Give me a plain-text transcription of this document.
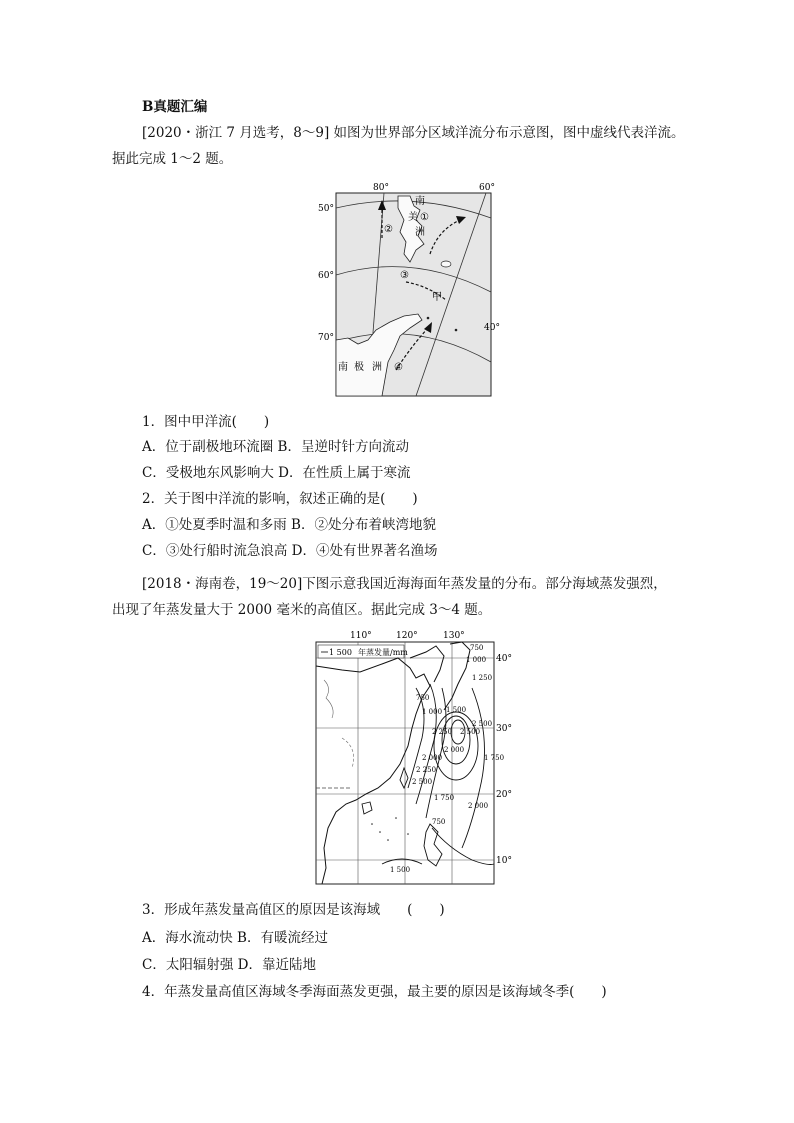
B真题汇编
[2020・浙江 7 月选考，8～9] 如图为世界部分区域洋流分布示意图，图中虚线代表洋流。
据此完成 1～2 题。
80°	60°
50°
60°
70°
40°
南
美
洲
南 极 洲
①
②
③
④
甲
1．图中甲洋流(　　)
A．位于副极地环流圈 B．呈逆时针方向流动
C．受极地东风影响大 D．在性质上属于寒流
2．关于图中洋流的影响，叙述正确的是(　　)
A．①处夏季时温和多雨 B．②处分布着峡湾地貌
C．③处行船时流急浪高 D．④处有世界著名渔场
[2018・海南卷，19～20]下图示意我国近海海面年蒸发量的分布。部分海域蒸发强烈，
出现了年蒸发量大于 2000 毫米的高值区。据此完成 3～4 题。
1 500 年蒸发量/mm
110°	120°	130°
40°
30°
20°
10°
750
1 000
1 250
750
1 000 1 500
2 500
2 500
2 250
2 000
1 750
2 000
2 250
2 500
2 000
1 750
750
1 500
3．形成年蒸发量高值区的原因是该海域　　(　　)
A．海水流动快 B．有暖流经过
C．太阳辐射强 D．靠近陆地
4．年蒸发量高值区海域冬季海面蒸发更强，最主要的原因是该海域冬季(　　)
